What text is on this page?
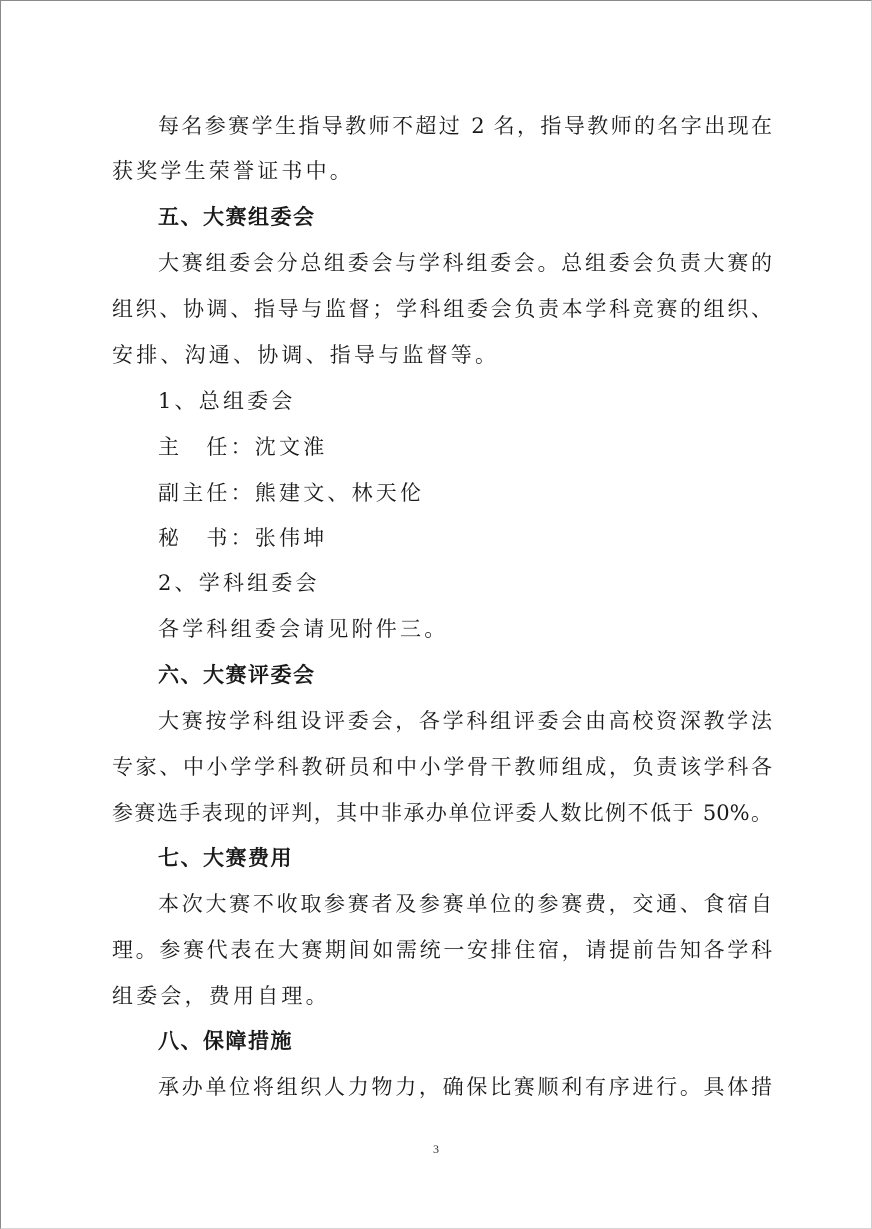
每名参赛学生指导教师不超过 2 名，指导教师的名字出现在
获奖学生荣誉证书中。
五、大赛组委会
大赛组委会分总组委会与学科组委会。总组委会负责大赛的
组织、协调、指导与监督；学科组委会负责本学科竞赛的组织、
安排、沟通、协调、指导与监督等。
1、总组委会
主　任：沈文淮
副主任：熊建文、林天伦
秘　书：张伟坤
2、学科组委会
各学科组委会请见附件三。
六、大赛评委会
大赛按学科组设评委会，各学科组评委会由高校资深教学法
专家、中小学学科教研员和中小学骨干教师组成，负责该学科各
参赛选手表现的评判，其中非承办单位评委人数比例不低于 50%。
七、大赛费用
本次大赛不收取参赛者及参赛单位的参赛费，交通、食宿自
理。参赛代表在大赛期间如需统一安排住宿，请提前告知各学科
组委会，费用自理。
八、保障措施
承办单位将组织人力物力，确保比赛顺利有序进行。具体措
3
